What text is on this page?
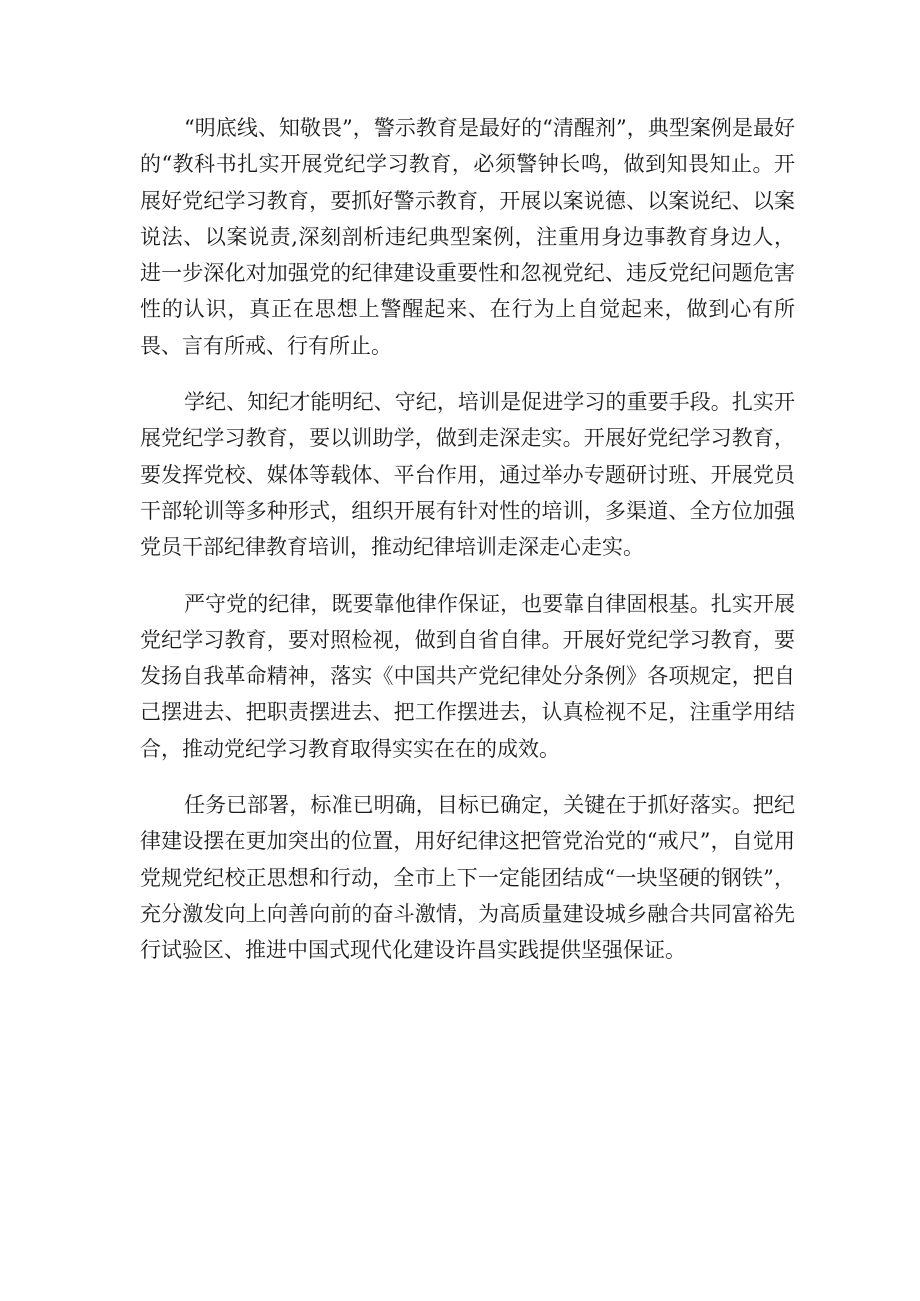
“明底线、知敬畏”，警示教育是最好的“清醒剂”，典型案例是最好的“教科书扎实开展党纪学习教育，必须警钟长鸣，做到知畏知止。开展好党纪学习教育，要抓好警示教育，开展以案说德、以案说纪、以案说法、以案说责,深刻剖析违纪典型案例，注重用身边事教育身边人，进一步深化对加强党的纪律建设重要性和忽视党纪、违反党纪问题危害性的认识，真正在思想上警醒起来、在行为上自觉起来，做到心有所畏、言有所戒、行有所止。

学纪、知纪才能明纪、守纪，培训是促进学习的重要手段。扎实开展党纪学习教育，要以训助学，做到走深走实。开展好党纪学习教育，要发挥党校、媒体等载体、平台作用，通过举办专题研讨班、开展党员干部轮训等多种形式，组织开展有针对性的培训，多渠道、全方位加强党员干部纪律教育培训，推动纪律培训走深走心走实。

严守党的纪律，既要靠他律作保证，也要靠自律固根基。扎实开展党纪学习教育，要对照检视，做到自省自律。开展好党纪学习教育，要发扬自我革命精神，落实《中国共产党纪律处分条例》各项规定，把自己摆进去、把职责摆进去、把工作摆进去，认真检视不足，注重学用结合，推动党纪学习教育取得实实在在的成效。

任务已部署，标准已明确，目标已确定，关键在于抓好落实。把纪律建设摆在更加突出的位置，用好纪律这把管党治党的“戒尺”，自觉用党规党纪校正思想和行动，全市上下一定能团结成“一块坚硬的钢铁”，充分激发向上向善向前的奋斗激情，为高质量建设城乡融合共同富裕先行试验区、推进中国式现代化建设许昌实践提供坚强保证。
